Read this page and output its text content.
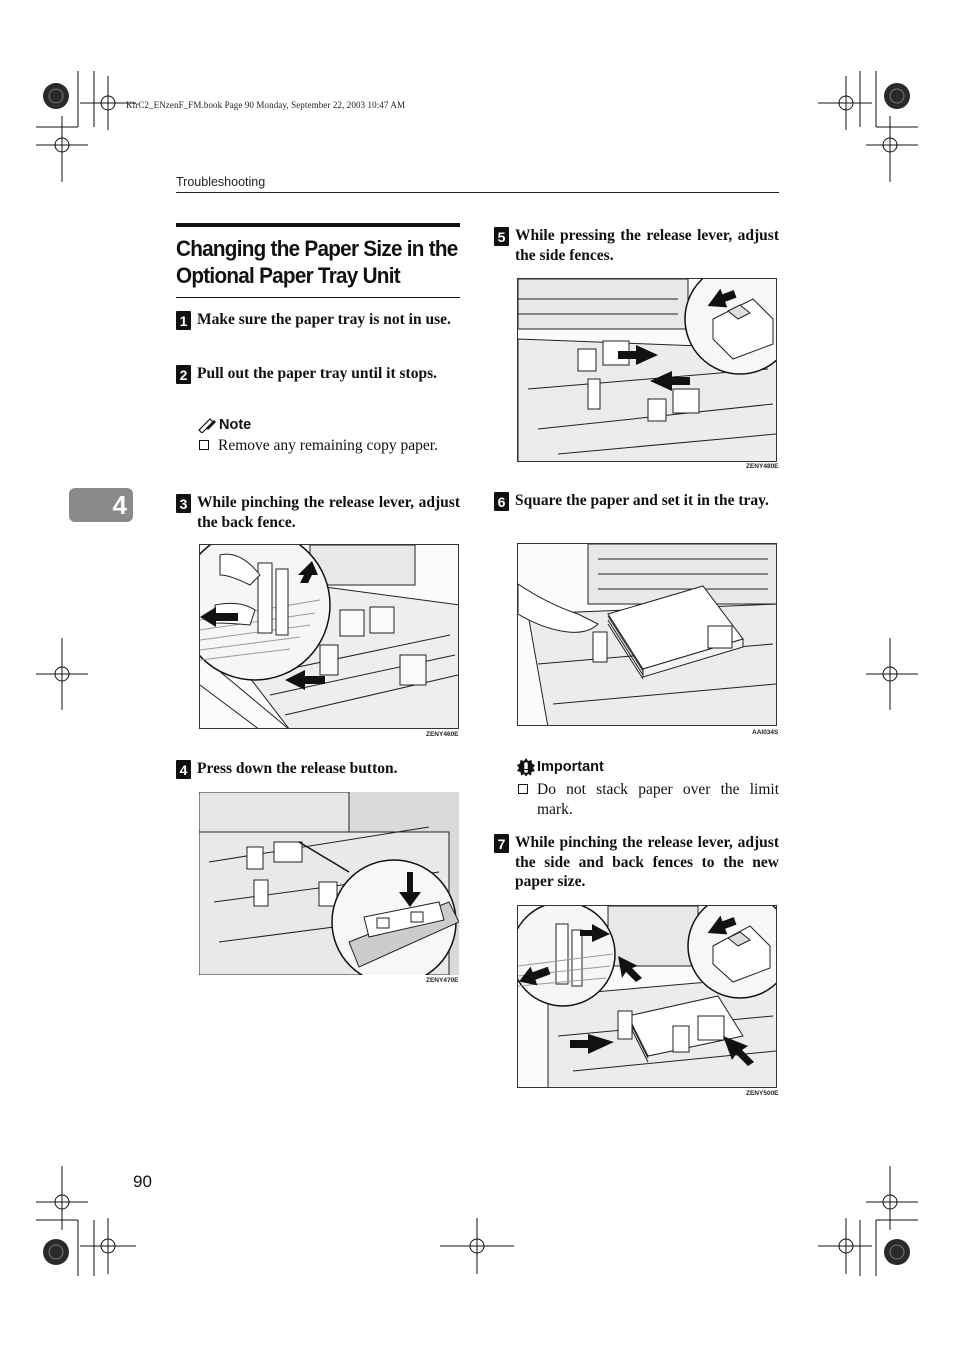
KirC2_ENzenF_FM.book Page 90 Monday, September 22, 2003 10:47 AM
Troubleshooting
4
Changing the Paper Size in the Optional Paper Tray Unit
1 Make sure the paper tray is not in use.
2 Pull out the paper tray until it stops.
Note
Remove any remaining copy paper.
3 While pinching the release lever, adjust the back fence.
ZENY460E
4 Press down the release button.
ZENY470E
5 While pressing the release lever, adjust the side fences.
ZENY480E
6 Square the paper and set it in the tray.
AAI034S
Important
Do not stack paper over the limit mark.
7 While pinching the release lever, adjust the side and back fences to the new paper size.
ZENY500E
90
